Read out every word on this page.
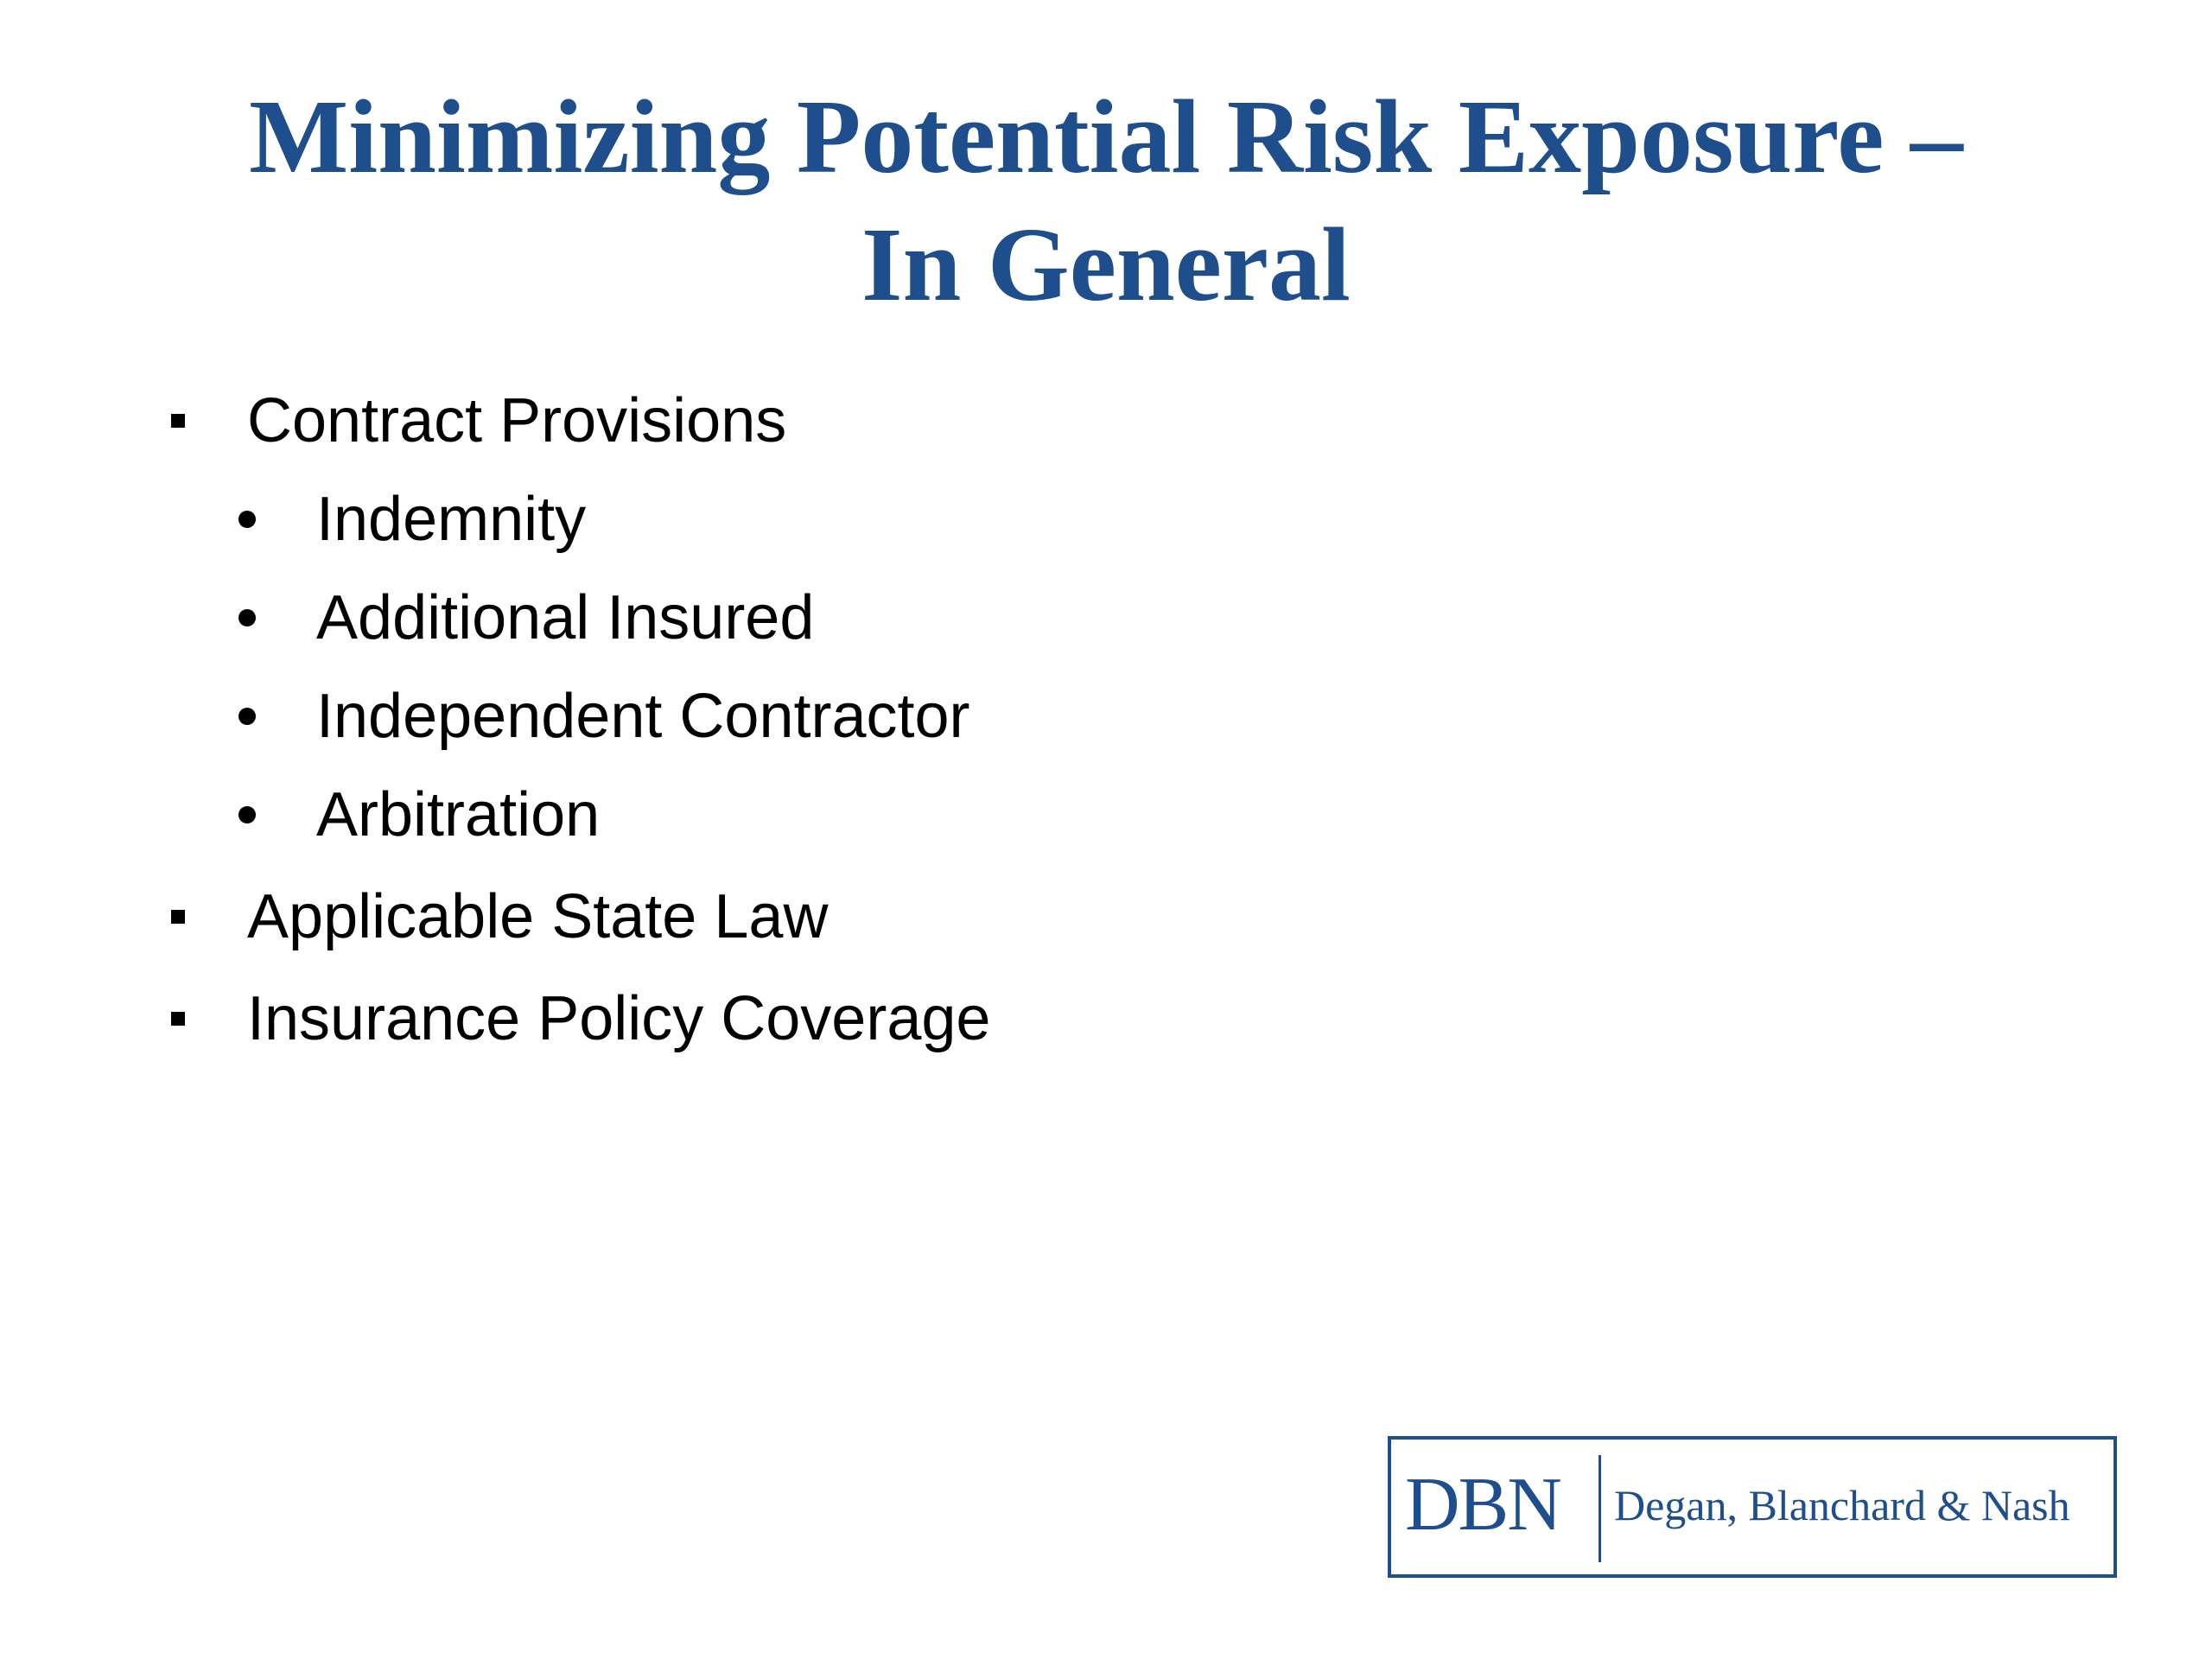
Minimizing Potential Risk Exposure –
In General
Contract Provisions
Indemnity
Additional Insured
Independent Contractor
Arbitration
Applicable State Law
Insurance Policy Coverage
DBN Degan, Blanchard & Nash
